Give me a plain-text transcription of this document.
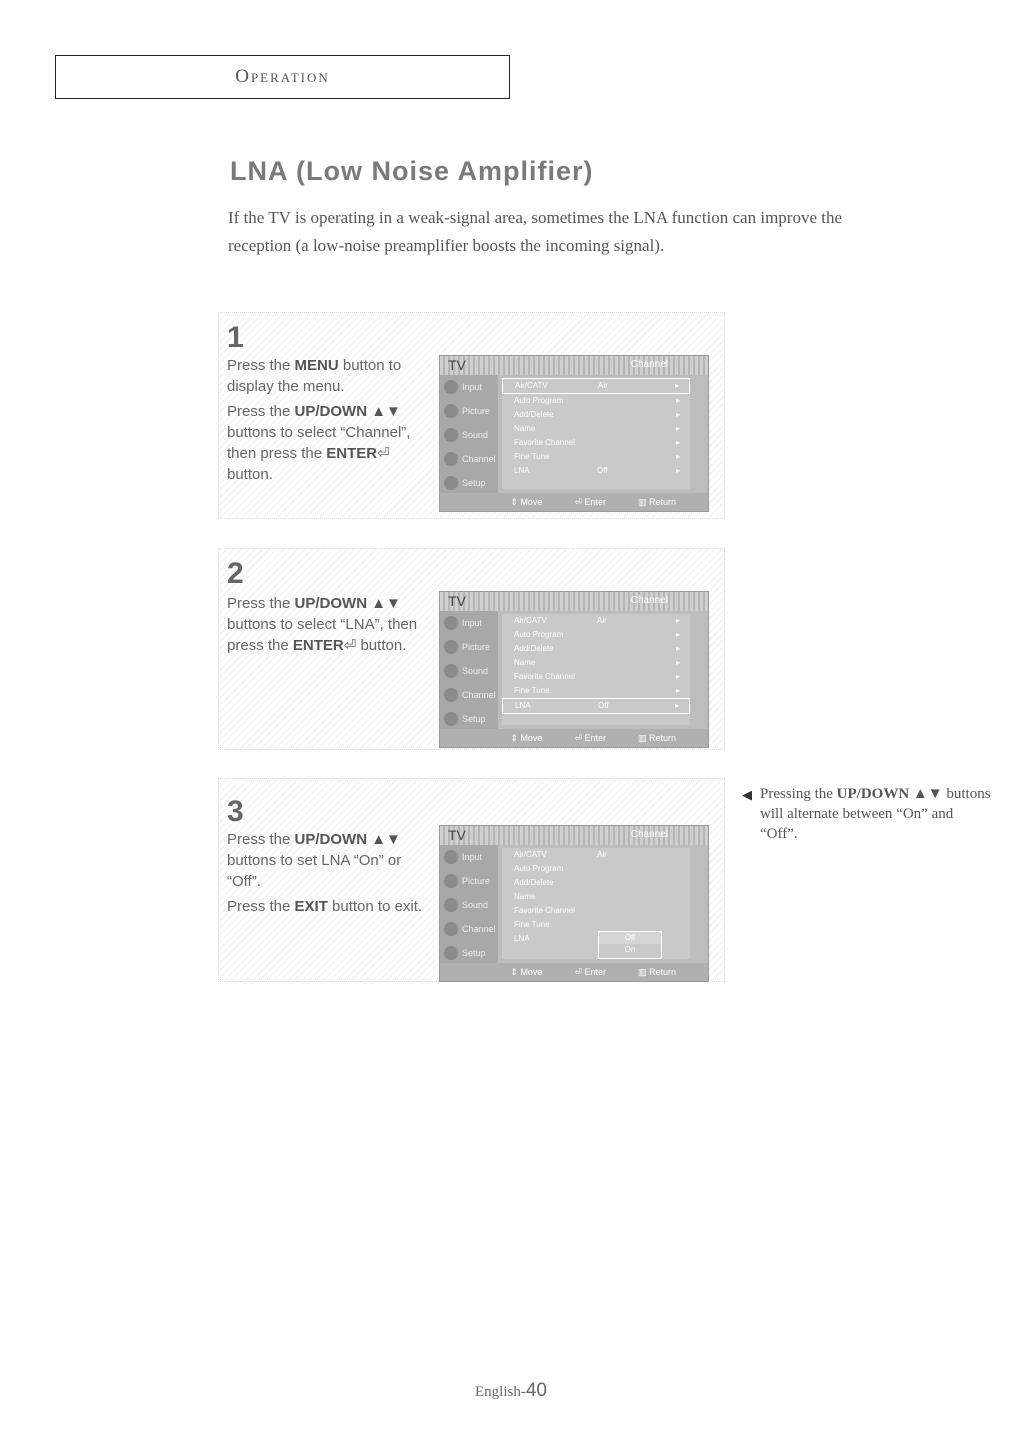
Operation
LNA (Low Noise Amplifier)
If the TV is operating in a weak-signal area, sometimes the LNA function can improve the reception (a low-noise preamplifier boosts the incoming signal).
1

Press the MENU button to display the menu.

Press the UP/DOWN ▲▼ buttons to select “Channel”, then press the ENTER⏎ button.

TV	Channel
Input
Picture
Sound
Channel
Setup
Air/CATV	Air	▸
Auto Program	▸
Add/Delete	▸
Name	▸
Favorite Channel	▸
Fine Tune	▸
LNA	Off	▸
⇕ Move	⏎ Enter	▥ Return
2

Press the UP/DOWN ▲▼ buttons to select “LNA”, then press the ENTER⏎ button.

TV	Channel
Input
Picture
Sound
Channel
Setup
Air/CATV	Air	▸
Auto Program	▸
Add/Delete	▸
Name	▸
Favorite Channel	▸
Fine Tune	▸
LNA	Off	▸
⇕ Move	⏎ Enter	▥ Return
3

Press the UP/DOWN ▲▼ buttons to set LNA “On” or “Off”.

Press the EXIT button to exit.

TV	Channel
Input
Picture
Sound
Channel
Setup
Air/CATV	Air
Auto Program
Add/Delete
Name
Favorite Channel
Fine Tune
LNA	Off
On
⇕ Move	⏎ Enter	▥ Return
◀ Pressing the UP/DOWN ▲▼ buttons will alternate between “On” and “Off”.

English-40
